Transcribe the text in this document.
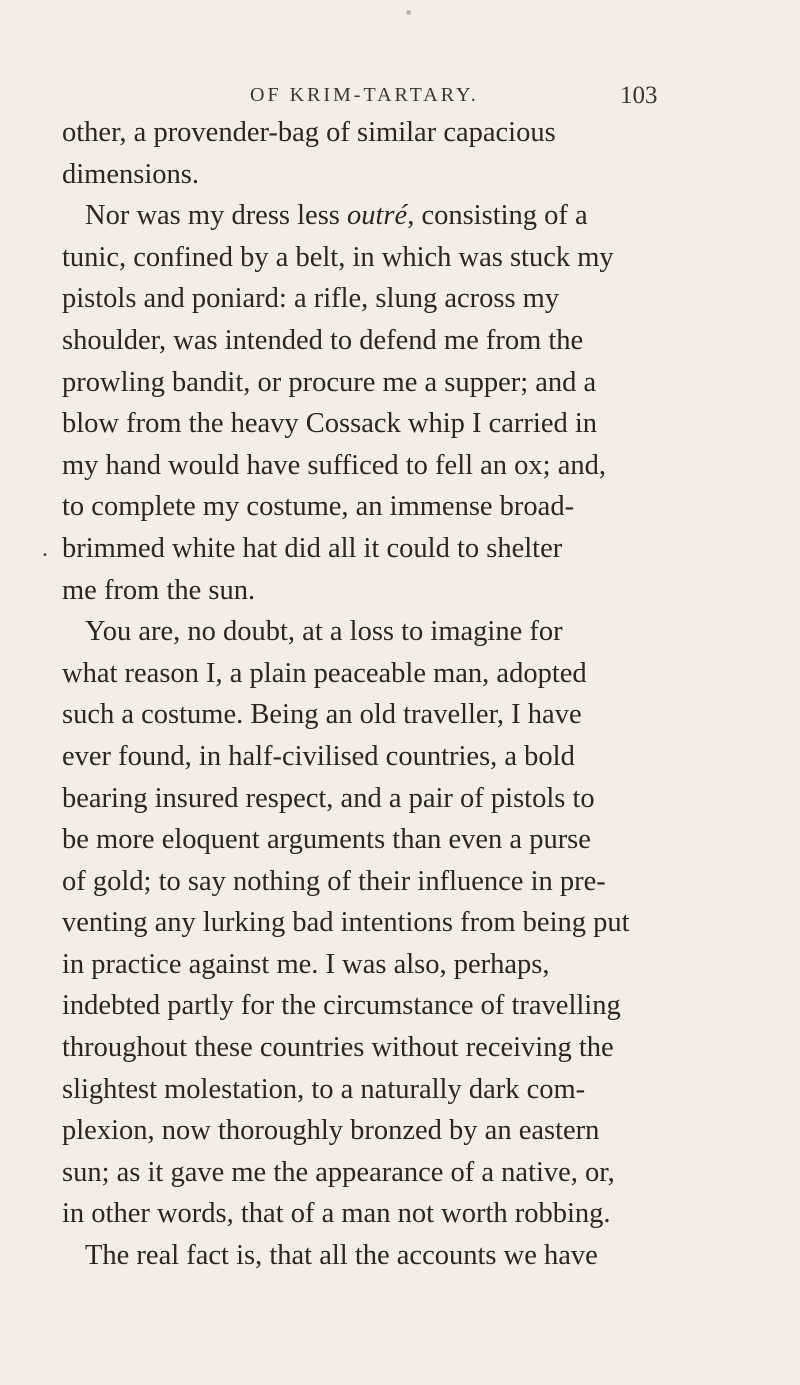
OF KRIM-TARTARY.	103
.
other, a provender-bag of similar capacious
dimensions.
Nor was my dress less outré, consisting of a
tunic, confined by a belt, in which was stuck my
pistols and poniard: a rifle, slung across my
shoulder, was intended to defend me from the
prowling bandit, or procure me a supper; and a
blow from the heavy Cossack whip I carried in
my hand would have sufficed to fell an ox; and,
to complete my costume, an immense broad-
brimmed white hat did all it could to shelter
me from the sun.
You are, no doubt, at a loss to imagine for
what reason I, a plain peaceable man, adopted
such a costume. Being an old traveller, I have
ever found, in half-civilised countries, a bold
bearing insured respect, and a pair of pistols to
be more eloquent arguments than even a purse
of gold; to say nothing of their influence in pre-
venting any lurking bad intentions from being put
in practice against me. I was also, perhaps,
indebted partly for the circumstance of travelling
throughout these countries without receiving the
slightest molestation, to a naturally dark com-
plexion, now thoroughly bronzed by an eastern
sun; as it gave me the appearance of a native, or,
in other words, that of a man not worth robbing.
The real fact is, that all the accounts we have
